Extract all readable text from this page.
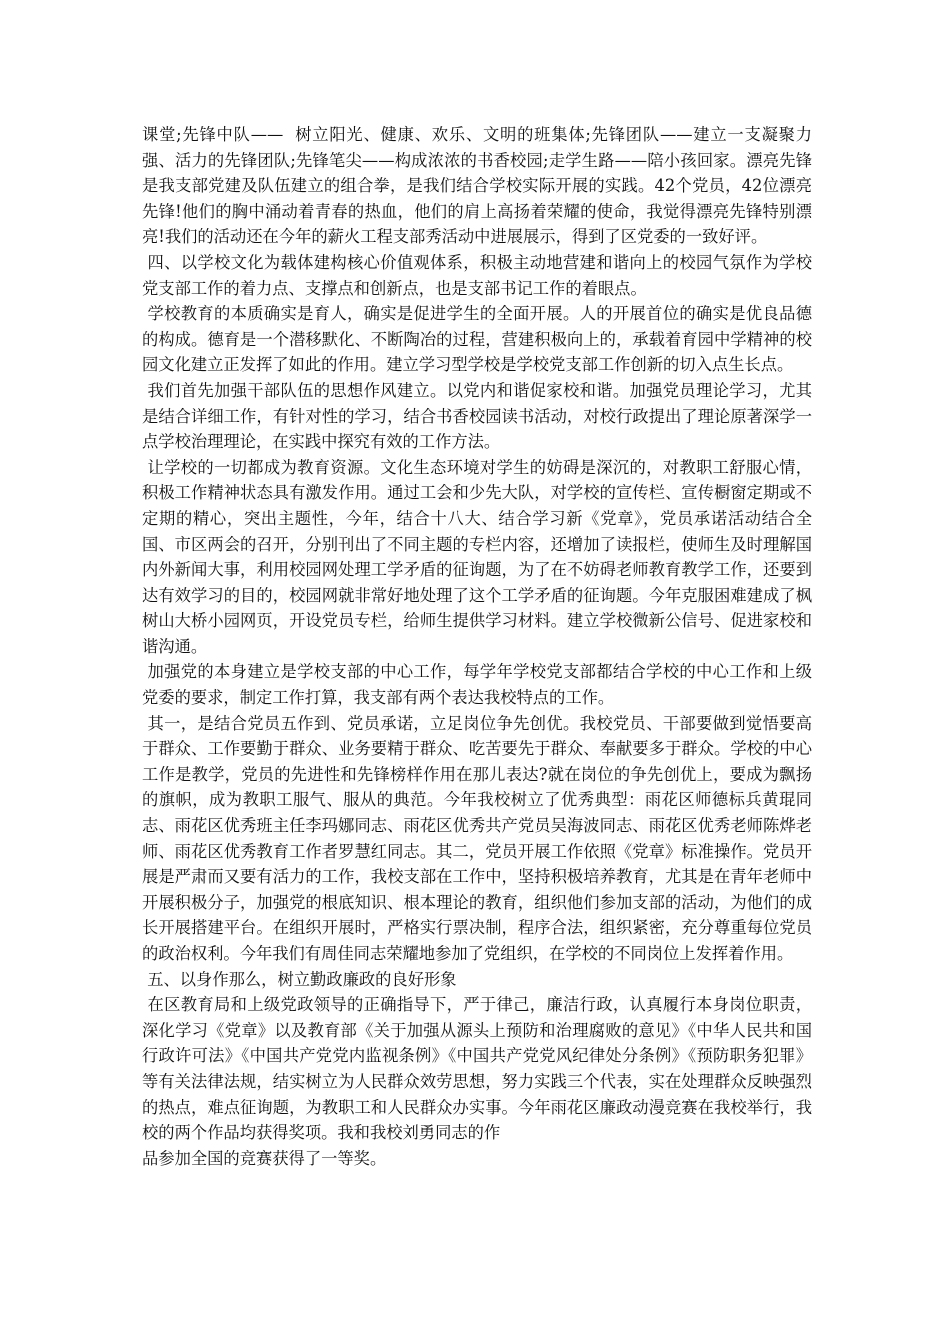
课堂;先锋中队——  树立阳光、健康、欢乐、文明的班集体;先锋团队——建立一支凝聚力强、活力的先锋团队;先锋笔尖——构成浓浓的书香校园;走学生路——陪小孩回家。漂亮先锋是我支部党建及队伍建立的组合拳，是我们结合学校实际开展的实践。42个党员，42位漂亮先锋!他们的胸中涌动着青春的热血，他们的肩上高扬着荣耀的使命，我觉得漂亮先锋特别漂亮!我们的活动还在今年的薪火工程支部秀活动中进展展示，得到了区党委的一致好评。

四、以学校文化为载体建构核心价值观体系，积极主动地营建和谐向上的校园气氛作为学校党支部工作的着力点、支撑点和创新点，也是支部书记工作的着眼点。

学校教育的本质确实是育人，确实是促进学生的全面开展。人的开展首位的确实是优良品德的构成。德育是一个潜移默化、不断陶冶的过程，营建积极向上的，承载着育园中学精神的校园文化建立正发挥了如此的作用。建立学习型学校是学校党支部工作创新的切入点生长点。

我们首先加强干部队伍的思想作风建立。以党内和谐促家校和谐。加强党员理论学习，尤其是结合详细工作，有针对性的学习，结合书香校园读书活动，对校行政提出了理论原著深学一点学校治理理论，在实践中探究有效的工作方法。

让学校的一切都成为教育资源。文化生态环境对学生的妨碍是深沉的，对教职工舒服心情，积极工作精神状态具有激发作用。通过工会和少先大队，对学校的宣传栏、宣传橱窗定期或不定期的精心，突出主题性，今年，结合十八大、结合学习新《党章》，党员承诺活动结合全国、市区两会的召开，分别刊出了不同主题的专栏内容，还增加了读报栏，使师生及时理解国内外新闻大事，利用校园网处理工学矛盾的征询题，为了在不妨碍老师教育教学工作，还要到达有效学习的目的，校园网就非常好地处理了这个工学矛盾的征询题。今年克服困难建成了枫树山大桥小园网页，开设党员专栏，给师生提供学习材料。建立学校微新公信号、促进家校和谐沟通。

加强党的本身建立是学校支部的中心工作，每学年学校党支部都结合学校的中心工作和上级党委的要求，制定工作打算，我支部有两个表达我校特点的工作。

其一，是结合党员五作到、党员承诺，立足岗位争先创优。我校党员、干部要做到觉悟要高于群众、工作要勤于群众、业务要精于群众、吃苦要先于群众、奉献要多于群众。学校的中心工作是教学，党员的先进性和先锋榜样作用在那儿表达?就在岗位的争先创优上，要成为飘扬的旗帜，成为教职工服气、服从的典范。今年我校树立了优秀典型：雨花区师德标兵黄琨同志、雨花区优秀班主任李玛娜同志、雨花区优秀共产党员吴海波同志、雨花区优秀老师陈烨老师、雨花区优秀教育工作者罗慧红同志。其二，党员开展工作依照《党章》标准操作。党员开展是严肃而又要有活力的工作，我校支部在工作中，坚持积极培养教育，尤其是在青年老师中开展积极分子，加强党的根底知识、根本理论的教育，组织他们参加支部的活动，为他们的成长开展搭建平台。在组织开展时，严格实行票决制，程序合法，组织紧密，充分尊重每位党员的政治权利。今年我们有周佳同志荣耀地参加了党组织，在学校的不同岗位上发挥着作用。

五、以身作那么，树立勤政廉政的良好形象

在区教育局和上级党政领导的正确指导下，严于律己，廉洁行政，认真履行本身岗位职责，深化学习《党章》以及教育部《关于加强从源头上预防和治理腐败的意见》《中华人民共和国行政许可法》《中国共产党党内监视条例》《中国共产党党风纪律处分条例》《预防职务犯罪》等有关法律法规，结实树立为人民群众效劳思想，努力实践三个代表，实在处理群众反映强烈的热点，难点征询题，为教职工和人民群众办实事。今年雨花区廉政动漫竞赛在我校举行，我校的两个作品均获得奖项。我和我校刘勇同志的作

品参加全国的竞赛获得了一等奖。
